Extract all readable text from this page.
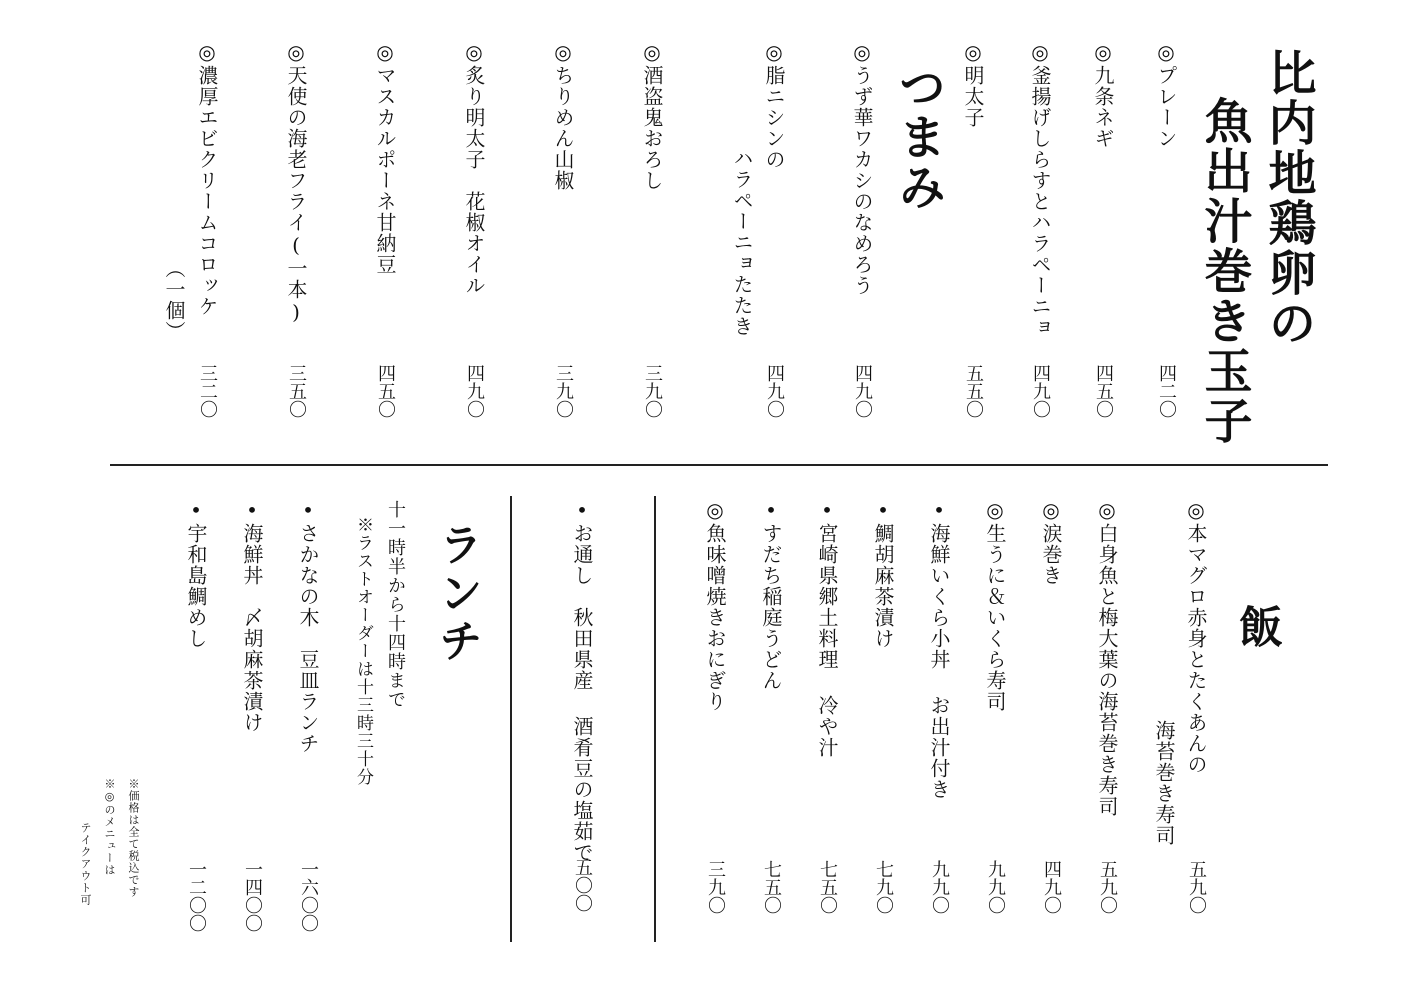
比内地鶏卵の
魚出汁巻き玉子
◎プレーン
四二〇
◎九条ネギ
四五〇
◎釜揚げしらすとハラペーニョ
四九〇
◎明太子
五五〇
つまみ
◎うず華ワカシのなめろう
四九〇
◎脂ニシンの
ハラペーニョたたき
四九〇
◎酒盗鬼おろし
三九〇
◎ちりめん山椒
三九〇
◎炙り明太子　花椒オイル
四九〇
◎マスカルポーネ甘納豆
四五〇
◎天使の海老フライ(一本)
三五〇
◎濃厚エビクリームコロッケ
（一個）
三二〇
飯
◎本マグロ赤身とたくあんの
海苔巻き寿司
五九〇
◎白身魚と梅大葉の海苔巻き寿司
五九〇
◎涙巻き
四九〇
◎生うに＆いくら寿司
九九〇
•海鮮いくら小丼 お出汁付き
九九〇
•鯛胡麻茶漬け
七九〇
•宮崎県郷土料理 冷や汁
七五〇
•すだち稲庭うどん
七五〇
◎魚味噌焼きおにぎり
三九〇
•お通し　秋田県産 酒肴豆の塩茹で
五〇〇
ランチ
十一時半から十四時まで
※ラストオーダーは十三時三十分
•さかなの木　豆皿ランチ
一六〇〇
•海鮮丼　〆胡麻茶漬け
一四〇〇
•宇和島鯛めし
一二〇〇
※価格は全て税込です
※◎のメニューは
テイクアウト可
